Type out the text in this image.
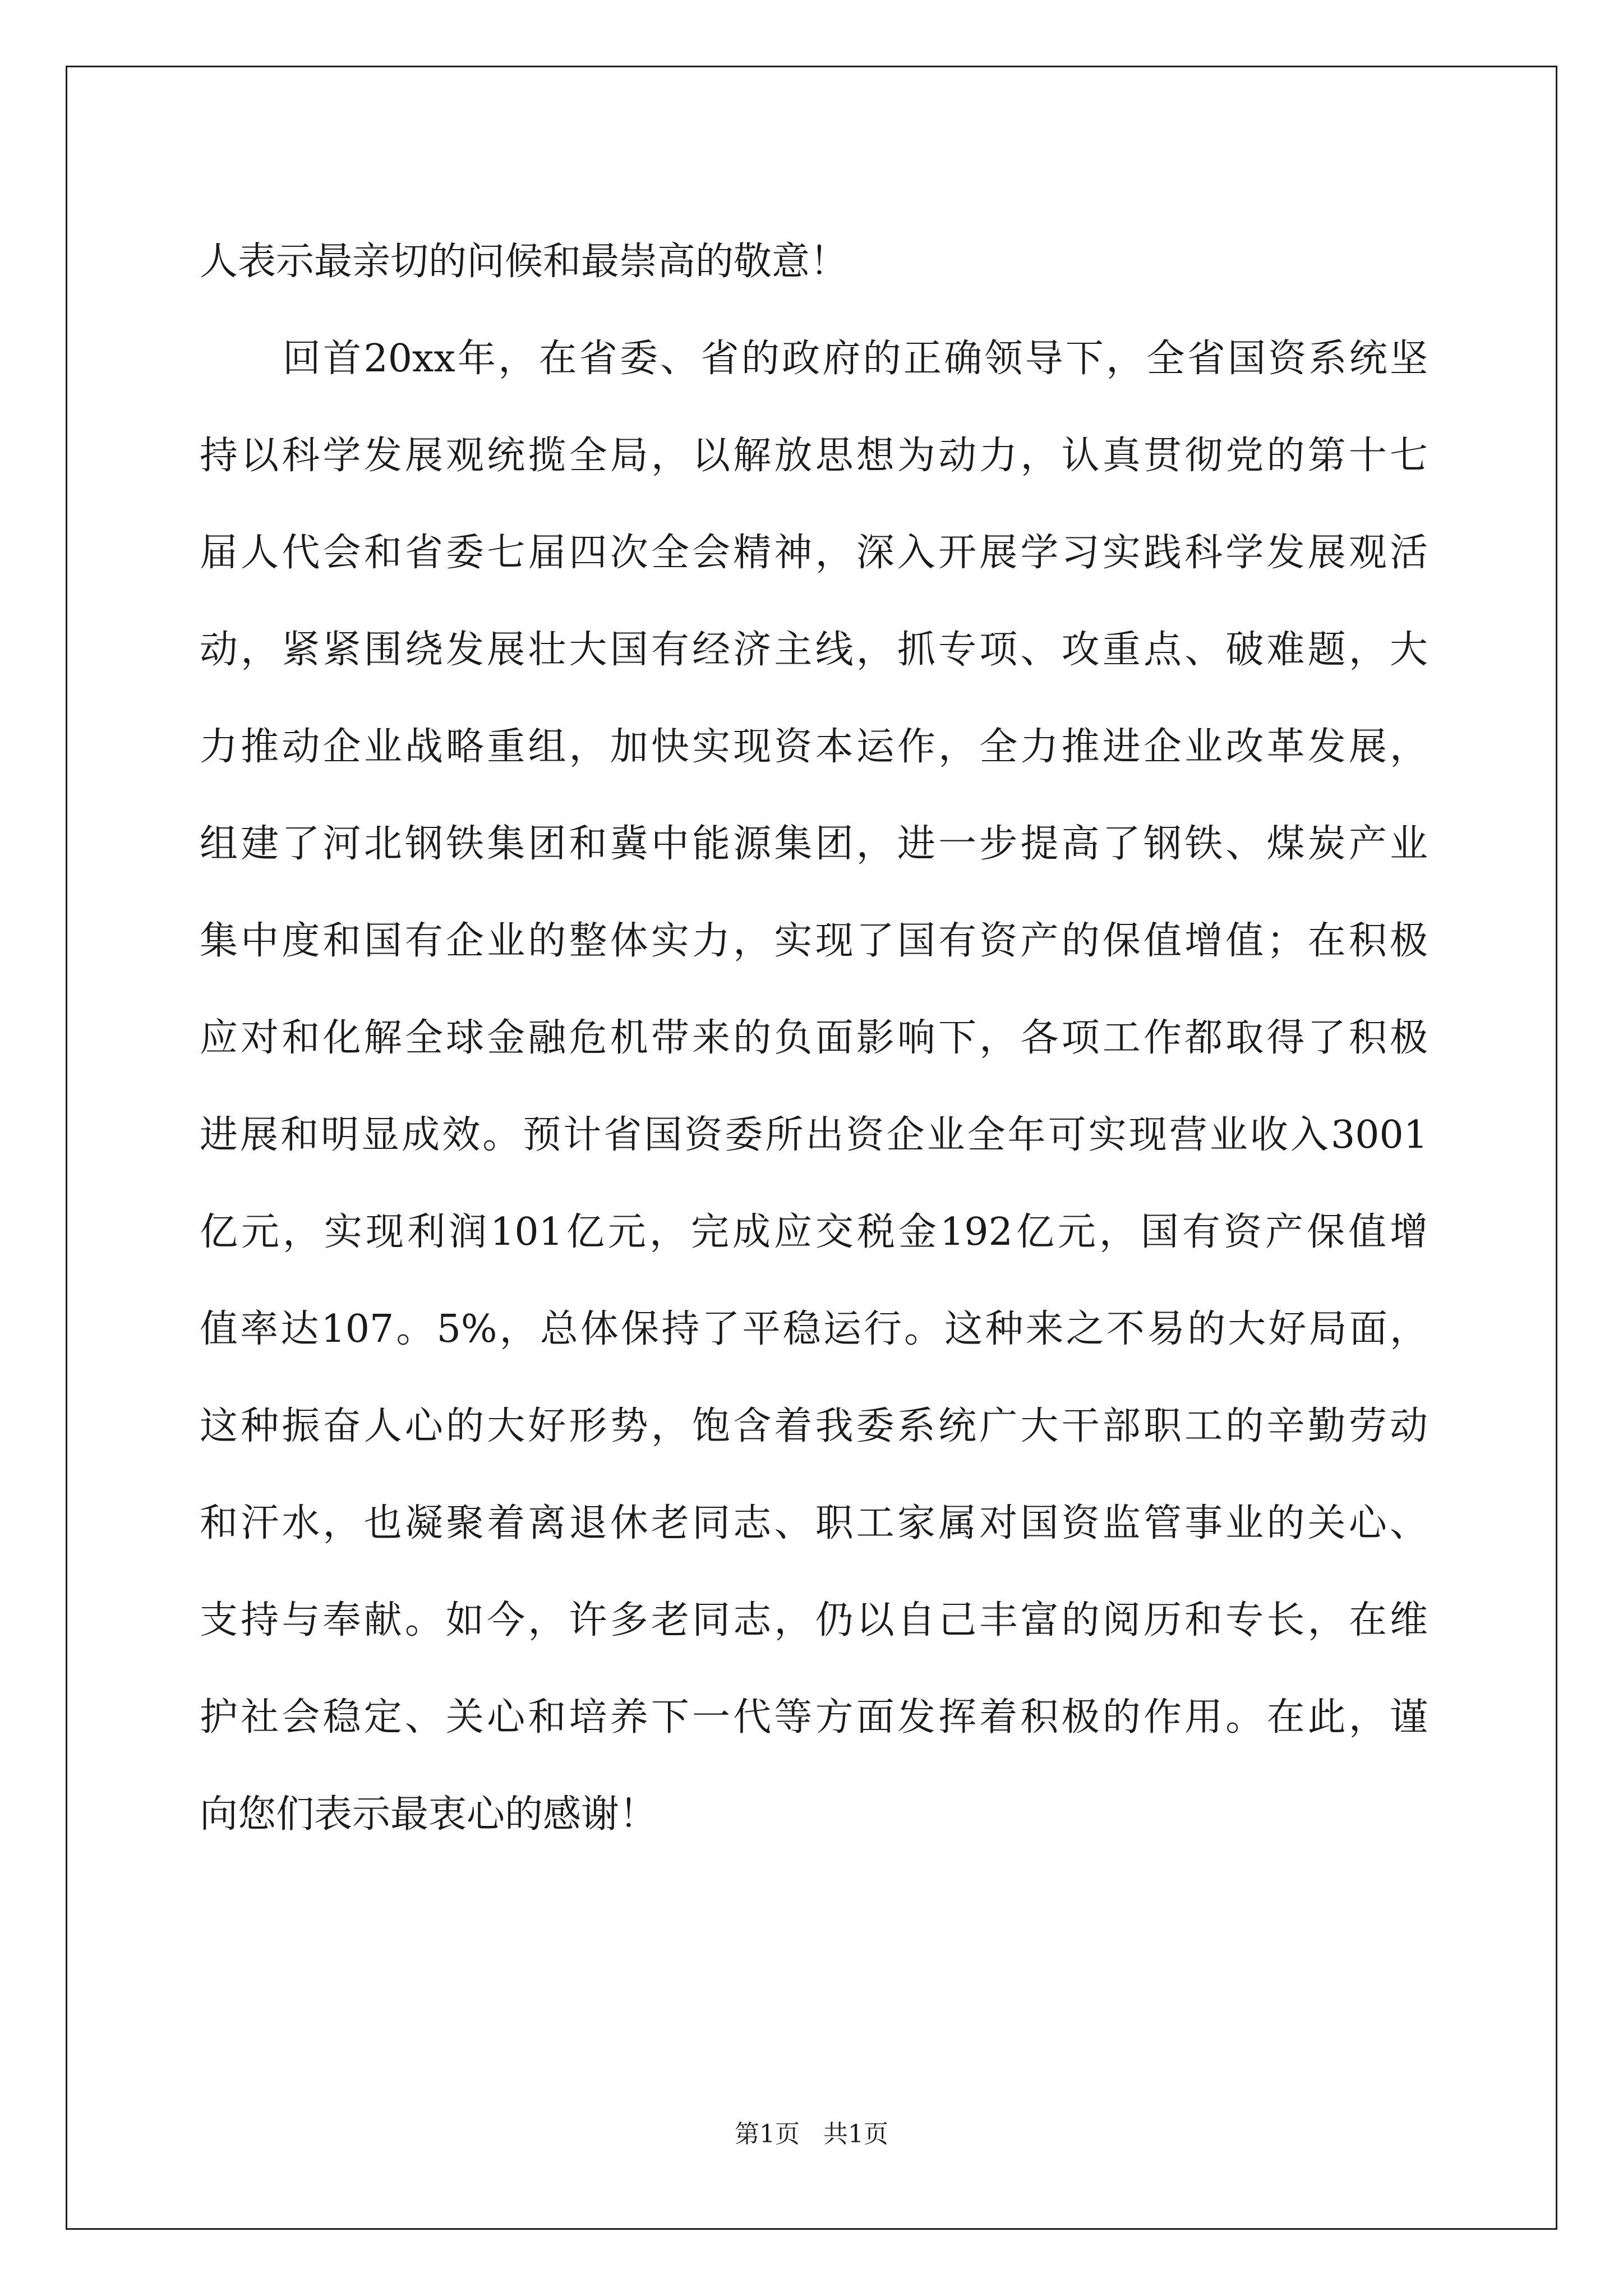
人表示最亲切的问候和最崇高的敬意！
回首20xx年，在省委、省的政府的正确领导下，全省国资系统坚
持以科学发展观统揽全局，以解放思想为动力，认真贯彻党的第十七
届人代会和省委七届四次全会精神，深入开展学习实践科学发展观活
动，紧紧围绕发展壮大国有经济主线，抓专项、攻重点、破难题，大
力推动企业战略重组，加快实现资本运作，全力推进企业改革发展，
组建了河北钢铁集团和冀中能源集团，进一步提高了钢铁、煤炭产业
集中度和国有企业的整体实力，实现了国有资产的保值增值；在积极
应对和化解全球金融危机带来的负面影响下，各项工作都取得了积极
进展和明显成效。预计省国资委所出资企业全年可实现营业收入3001
亿元，实现利润101亿元，完成应交税金192亿元，国有资产保值增
值率达107。5%，总体保持了平稳运行。这种来之不易的大好局面，
这种振奋人心的大好形势，饱含着我委系统广大干部职工的辛勤劳动
和汗水，也凝聚着离退休老同志、职工家属对国资监管事业的关心、
支持与奉献。如今，许多老同志，仍以自己丰富的阅历和专长，在维
护社会稳定、关心和培养下一代等方面发挥着积极的作用。在此，谨
向您们表示最衷心的感谢！
第1页   共1页
